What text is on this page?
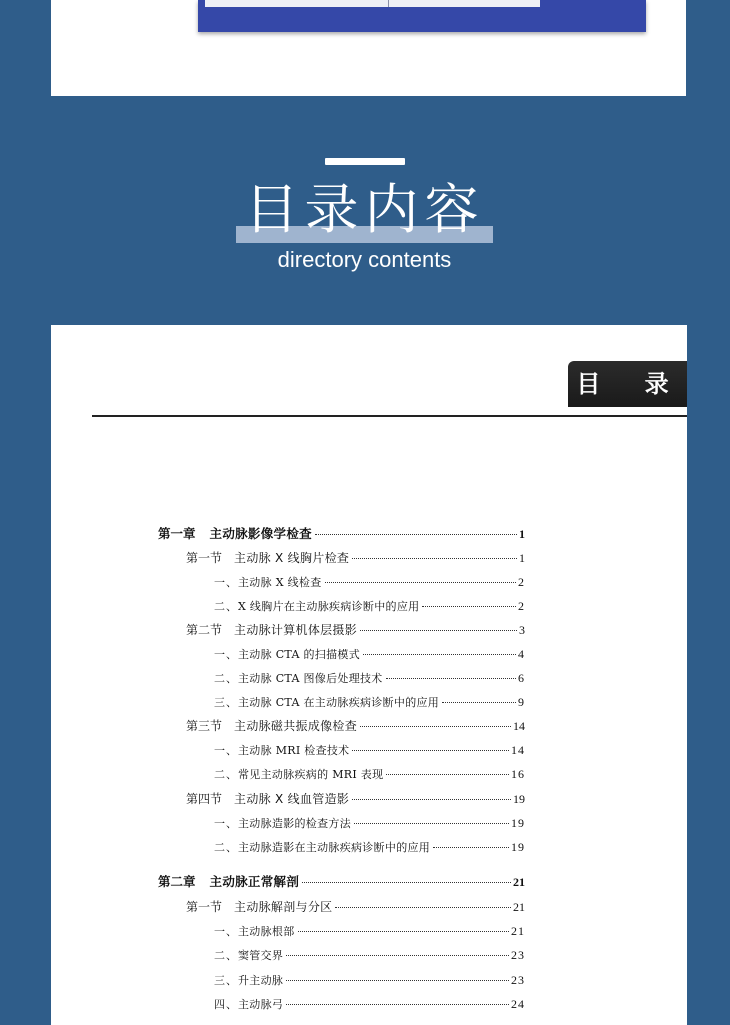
目录内容
directory contents
目 录
第一章 主动脉影像学检查	1
第一节 主动脉 X 线胸片检查	1
一、 主动脉 X 线检查	2
二、 X 线胸片在主动脉疾病诊断中的应用	2
第二节 主动脉计算机体层摄影	3
一、 主动脉 CTA 的扫描模式	4
二、 主动脉 CTA 图像后处理技术	6
三、 主动脉 CTA 在主动脉疾病诊断中的应用	9
第三节 主动脉磁共振成像检查	14
一、 主动脉 MRI 检查技术	14
二、 常见主动脉疾病的 MRI 表现	16
第四节 主动脉 X 线血管造影	19
一、 主动脉造影的检查方法	19
二、 主动脉造影在主动脉疾病诊断中的应用	19
第二章 主动脉正常解剖	21
第一节 主动脉解剖与分区	21
一、 主动脉根部	21
二、 窦管交界	23
三、 升主动脉	23
四、 主动脉弓	24
